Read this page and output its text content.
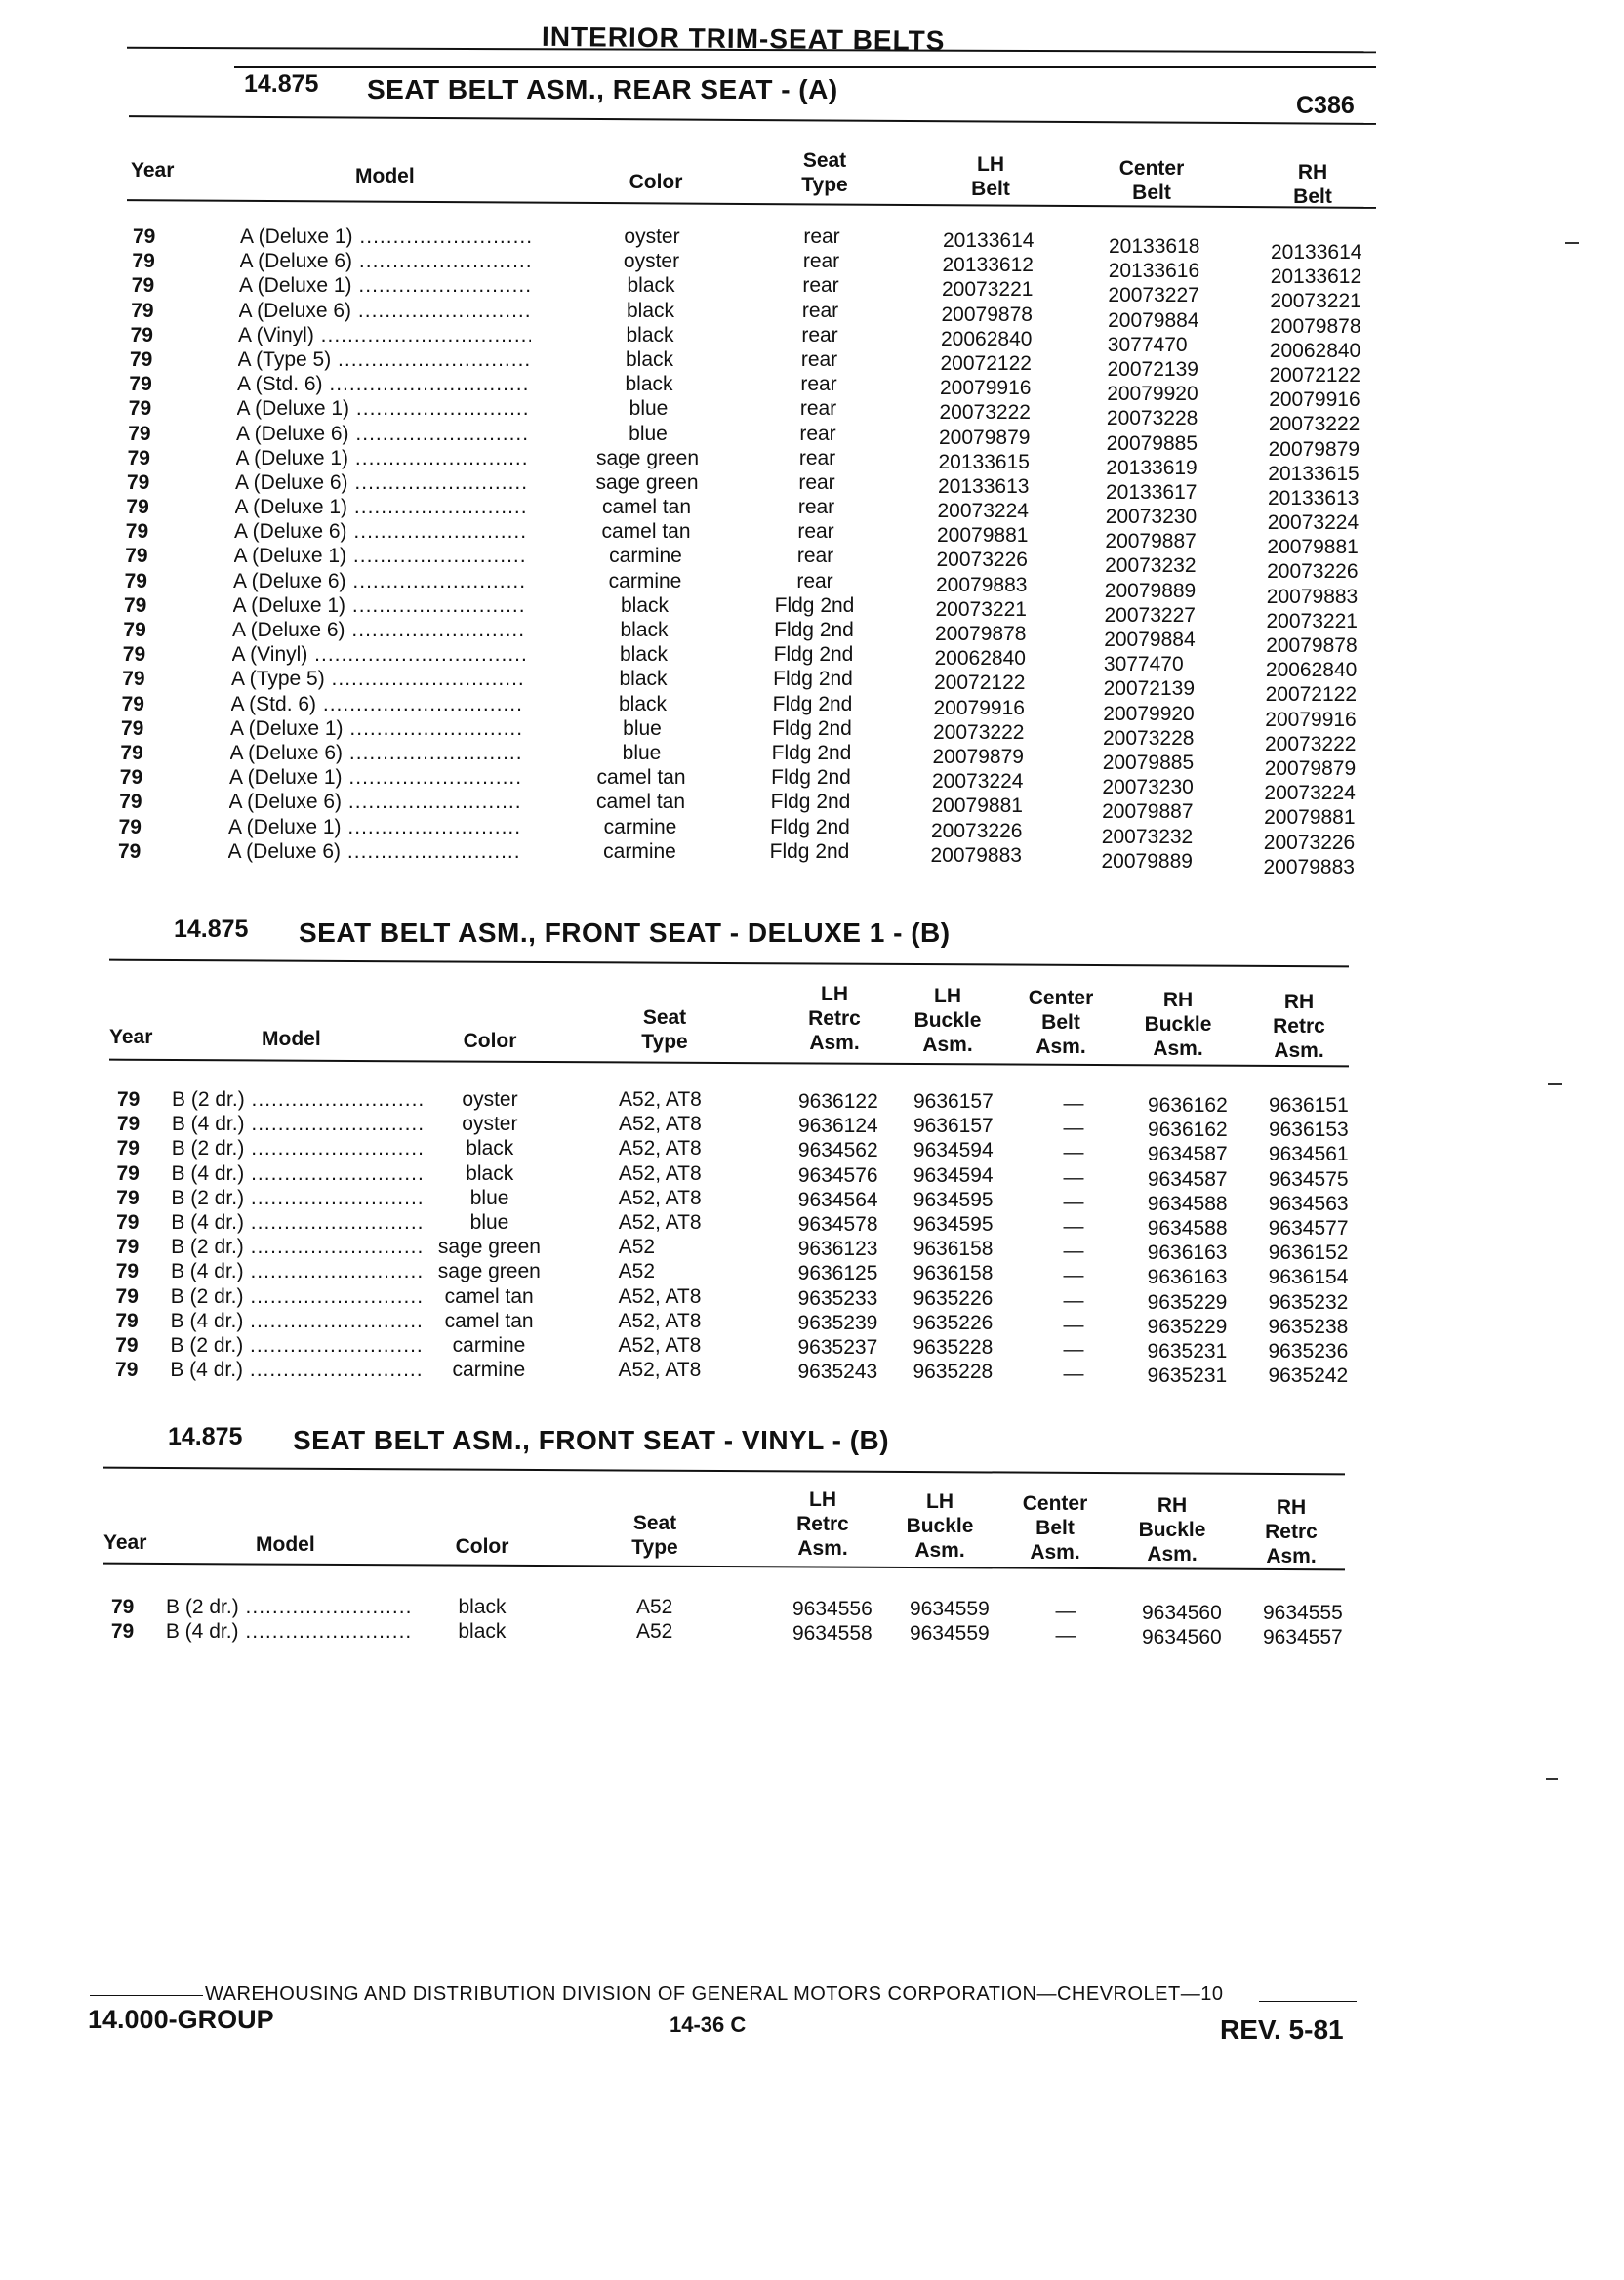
INTERIOR TRIM-SEAT BELTS
14.875 SEAT BELT ASM., REAR SEAT - (A)
C386
Year	Model	Color
Seat
Type
LH
Belt
Center
Belt
RH
Belt
79	A (Deluxe 1) .....	oyster	rear	20133614	20133618	20133614
79	A (Deluxe 6) .....	oyster	rear	20133612	20133616	20133612
79	A (Deluxe 1) .....	black	rear	20073221	20073227	20073221
79	A (Deluxe 6) .....	black	rear	20079878	20079884	20079878
79	A (Vinyl) .....	black	rear	20062840	3077470	20062840
79	A (Type 5) .....	black	rear	20072122	20072139	20072122
79	A (Std. 6) .....	black	rear	20079916	20079920	20079916
79	A (Deluxe 1) .....	blue	rear	20073222	20073228	20073222
79	A (Deluxe 6) .....	blue	rear	20079879	20079885	20079879
79	A (Deluxe 1) .....	sage green	rear	20133615	20133619	20133615
79	A (Deluxe 6) .....	sage green	rear	20133613	20133617	20133613
79	A (Deluxe 1) .....	camel tan	rear	20073224	20073230	20073224
79	A (Deluxe 6) .....	camel tan	rear	20079881	20079887	20079881
79	A (Deluxe 1) .....	carmine	rear	20073226	20073232	20073226
79	A (Deluxe 6) .....	carmine	rear	20079883	20079889	20079883
79	A (Deluxe 1) .....	black	Fldg 2nd	20073221	20073227	20073221
79	A (Deluxe 6) .....	black	Fldg 2nd	20079878	20079884	20079878
79	A (Vinyl) .....	black	Fldg 2nd	20062840	3077470	20062840
79	A (Type 5) .....	black	Fldg 2nd	20072122	20072139	20072122
79	A (Std. 6) .....	black	Fldg 2nd	20079916	20079920	20079916
79	A (Deluxe 1) .....	blue	Fldg 2nd	20073222	20073228	20073222
79	A (Deluxe 6) .....	blue	Fldg 2nd	20079879	20079885	20079879
79	A (Deluxe 1) .....	camel tan	Fldg 2nd	20073224	20073230	20073224
79	A (Deluxe 6) .....	camel tan	Fldg 2nd	20079881	20079887	20079881
79	A (Deluxe 1) .....	carmine	Fldg 2nd	20073226	20073232	20073226
79	A (Deluxe 6) .....	carmine	Fldg 2nd	20079883	20079889	20079883
14.875 SEAT BELT ASM., FRONT SEAT - DELUXE 1 - (B)
Year	Model	Color
Seat
Type
LH
Retrc
Asm.
LH
Buckle
Asm.
Center
Belt
Asm.
RH
Buckle
Asm.
RH
Retrc
Asm.
79 B (2 dr.) .....	oyster	A52, AT8	9636122 9636157	—	9636162 9636151
79 B (4 dr.) .....	oyster	A52, AT8	9636124 9636157	—	9636162 9636153
79 B (2 dr.) .....	black	A52, AT8	9634562 9634594	—	9634587 9634561
79 B (4 dr.) .....	black	A52, AT8	9634576 9634594	—	9634587 9634575
79 B (2 dr.) .....	blue	A52, AT8	9634564 9634595	—	9634588 9634563
79 B (4 dr.) .....	blue	A52, AT8	9634578 9634595	—	9634588 9634577
79 B (2 dr.) .....	sage green	A52	9636123 9636158	—	9636163 9636152
79 B (4 dr.) .....	sage green	A52	9636125 9636158	—	9636163 9636154
79 B (2 dr.) .....	camel tan	A52, AT8	9635233 9635226	—	9635229 9635232
79 B (4 dr.) .....	camel tan	A52, AT8	9635239 9635226	—	9635229 9635238
79 B (2 dr.) .....	carmine	A52, AT8	9635237 9635228	—	9635231 9635236
79 B (4 dr.) .....	carmine	A52, AT8	9635243 9635228	—	9635231 9635242
14.875 SEAT BELT ASM., FRONT SEAT - VINYL - (B)
Year	Model	Color
Seat
Type
LH
Retrc
Asm.
LH
Buckle
Asm.
Center
Belt
Asm.
RH
Buckle
Asm.
RH
Retrc
Asm.
79 B (2 dr.) .....	black	A52	9634556 9634559	—	9634560 9634555
79 B (4 dr.) .....	black	A52	9634558 9634559	—	9634560 9634557
WAREHOUSING AND DISTRIBUTION DIVISION OF GENERAL MOTORS CORPORATION—CHEVROLET—10
14.000-GROUP	14-36 C	REV. 5-81
